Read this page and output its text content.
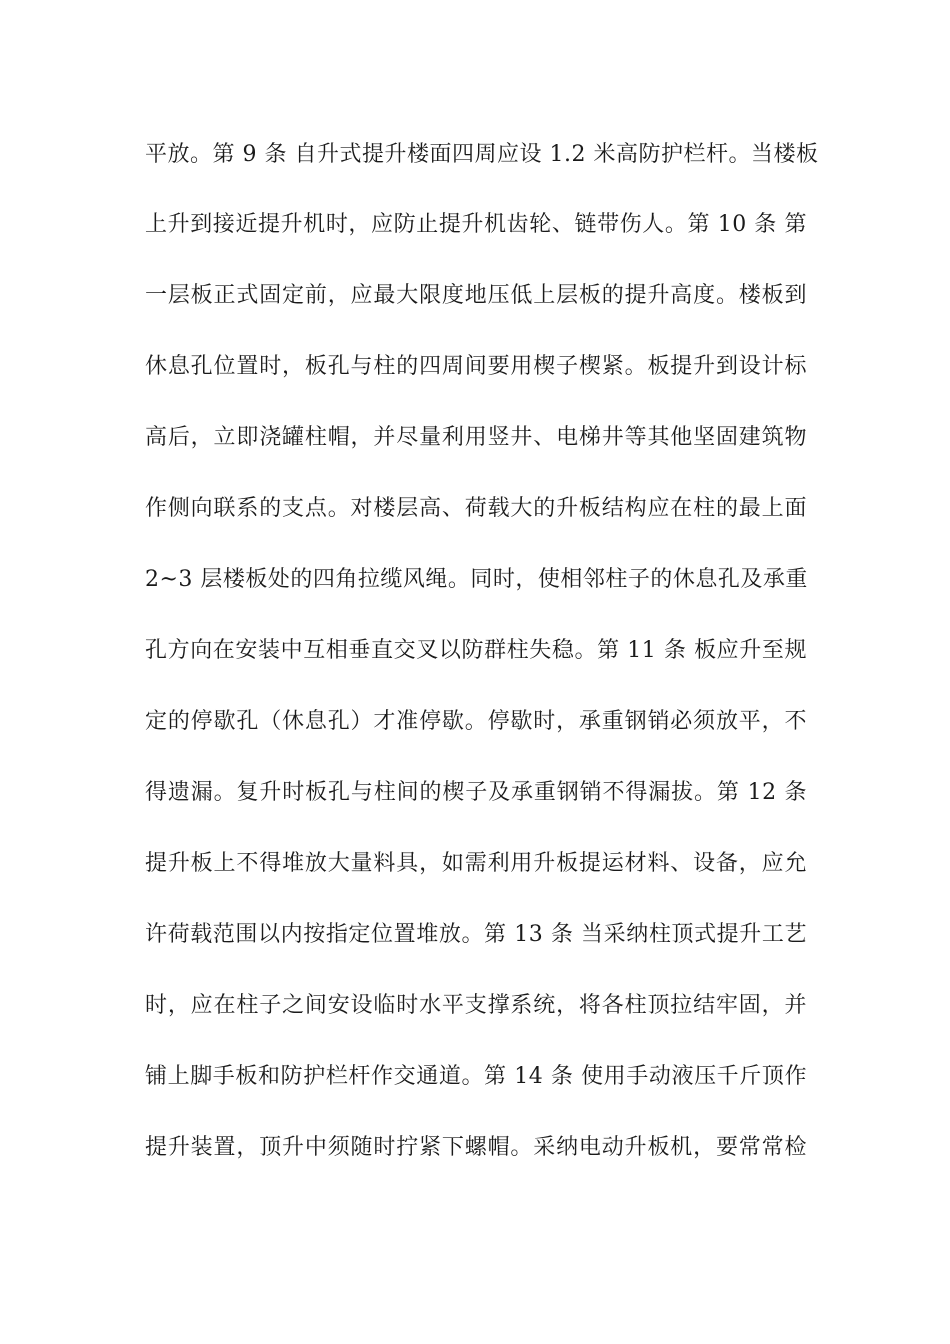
平放。第 9 条 自升式提升楼面四周应设 1.2 米高防护栏杆。当楼板
上升到接近提升机时，应防止提升机齿轮、链带伤人。第 10 条 第
一层板正式固定前，应最大限度地压低上层板的提升高度。楼板到
休息孔位置时，板孔与柱的四周间要用楔子楔紧。板提升到设计标
高后，立即浇罐柱帽，并尽量利用竖井、电梯井等其他坚固建筑物
作侧向联系的支点。对楼层高、荷载大的升板结构应在柱的最上面
2~3 层楼板处的四角拉缆风绳。同时，使相邻柱子的休息孔及承重
孔方向在安装中互相垂直交叉以防群柱失稳。第 11 条 板应升至规
定的停歇孔（休息孔）才准停歇。停歇时，承重钢销必须放平，不
得遗漏。复升时板孔与柱间的楔子及承重钢销不得漏拔。第 12 条
提升板上不得堆放大量料具，如需利用升板提运材料、设备，应允
许荷载范围以内按指定位置堆放。第 13 条 当采纳柱顶式提升工艺
时，应在柱子之间安设临时水平支撑系统，将各柱顶拉结牢固，并
铺上脚手板和防护栏杆作交通道。第 14 条 使用手动液压千斤顶作
提升装置，顶升中须随时拧紧下螺帽。采纳电动升板机，要常常检
